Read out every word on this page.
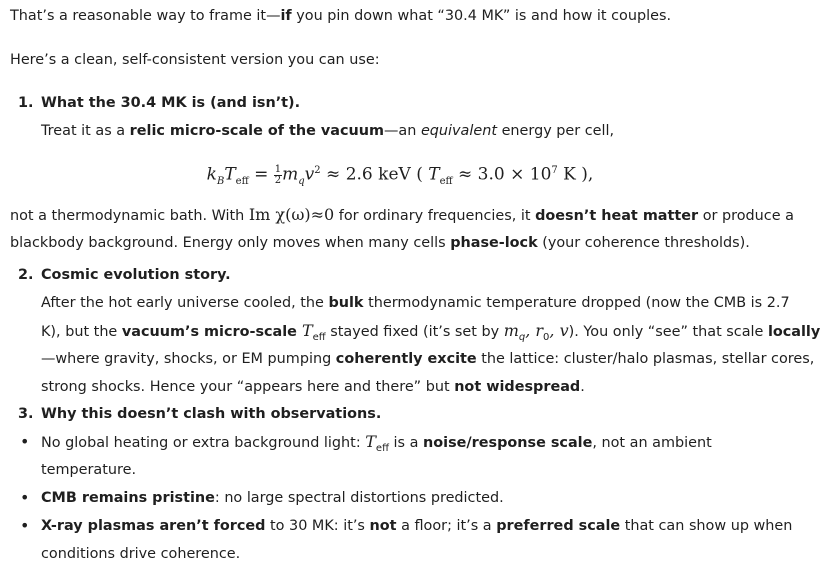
That’s a reasonable way to frame it—if you pin down what “30.4 MK” is and how it couples.

Here’s a clean, self-consistent version you can use:

1. What the 30.4 MK is (and isn’t).

Treat it as a relic micro-scale of the vacuum—an equivalent energy per cell,

$k_BT_{eff} = \frac{1}{2} m_qv^2 \approx 2.6$ keV ( $T_{eff} \approx 3.0 \times 10^7$ K ),

not a thermodynamic bath. With Im χ(ω)≈0 for ordinary frequencies, it doesn’t heat matter or produce a

blackbody background. Energy only moves when many cells phase-lock (your coherence thresholds).

2. Cosmic evolution story.

After the hot early universe cooled, the bulk thermodynamic temperature dropped (now the CMB is 2.7

K), but the vacuum’s micro-scale $T_{eff}$ stayed fixed (it’s set by $m_q$, $r_0$, v). You only “see” that scale locally

—where gravity, shocks, or EM pumping coherently excite the lattice: cluster/halo plasmas, stellar cores,

strong shocks. Hence your “appears here and there” but not widespread.

3. Why this doesn’t clash with observations.

• No global heating or extra background light: $T_{eff}$ is a noise/response scale, not an ambient

temperature.

• CMB remains pristine: no large spectral distortions predicted.

• X-ray plasmas aren’t forced to 30 MK: it’s not a floor; it’s a preferred scale that can show up when

conditions drive coherence.
